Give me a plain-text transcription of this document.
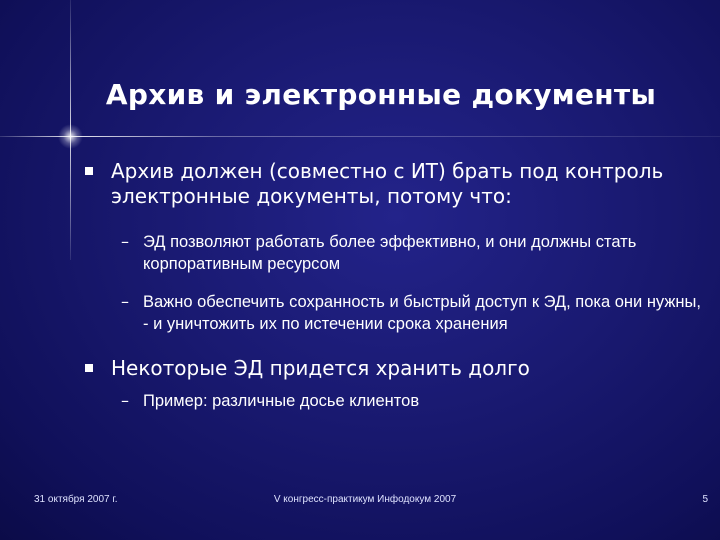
Архив и электронные документы
Архив должен (совместно с ИТ) брать под контроль электронные документы, потому что:
– ЭД позволяют работать более эффективно, и они должны стать корпоративным ресурсом
– Важно обеспечить сохранность и быстрый доступ к ЭД, пока они нужны, - и уничтожить их по истечении срока хранения
Некоторые ЭД придется хранить долго
– Пример: различные досье клиентов
31 октября 2007 г.	V конгресс-практикум Инфодокум 2007	5
